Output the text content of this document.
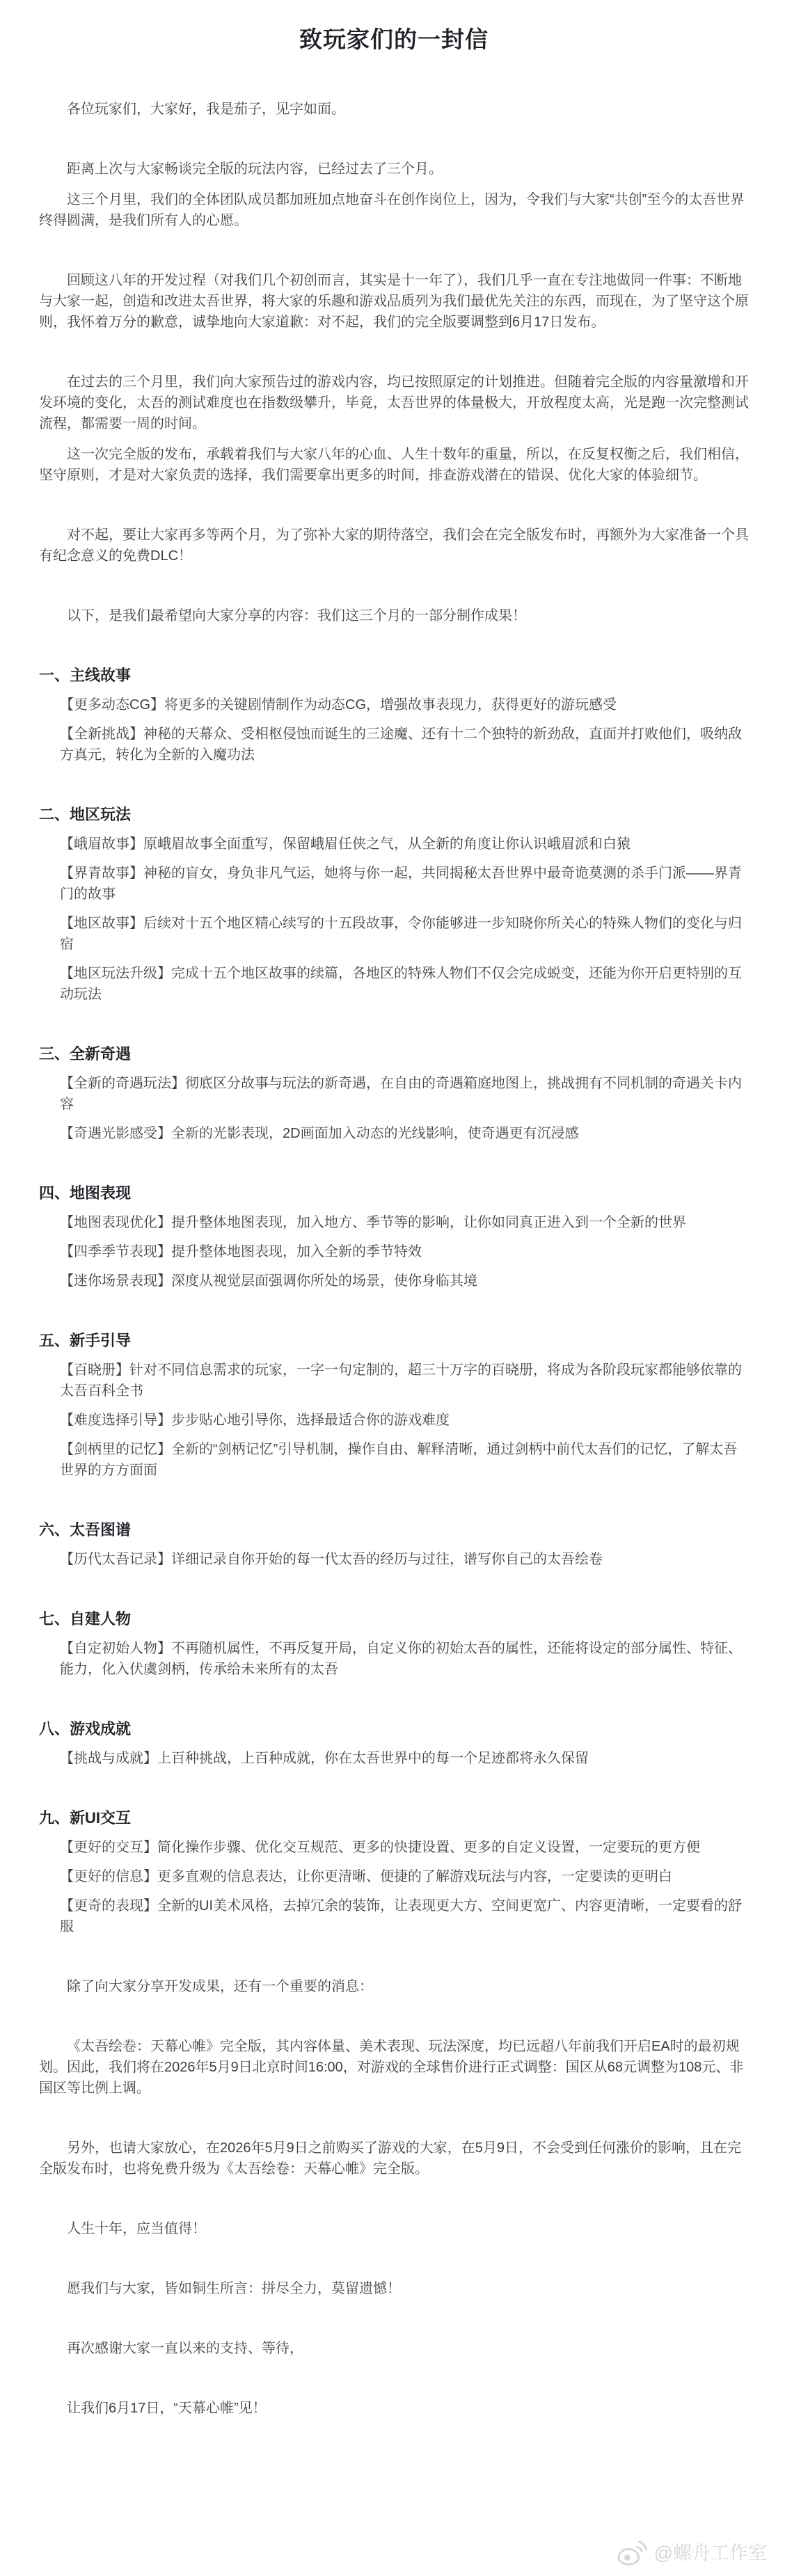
致玩家们的一封信

各位玩家们，大家好，我是茄子，见字如面。

距离上次与大家畅谈完全版的玩法内容，已经过去了三个月。

这三个月里，我们的全体团队成员都加班加点地奋斗在创作岗位上，因为，令我们与大家“共创”至今的太吾世界终得圆满，是我们所有人的心愿。

回顾这八年的开发过程（对我们几个初创而言，其实是十一年了），我们几乎一直在专注地做同一件事：不断地与大家一起，创造和改进太吾世界，将大家的乐趣和游戏品质列为我们最优先关注的东西，而现在，为了坚守这个原则，我怀着万分的歉意，诚挚地向大家道歉：对不起，我们的完全版要调整到6月17日发布。

在过去的三个月里，我们向大家预告过的游戏内容，均已按照原定的计划推进。但随着完全版的内容量激增和开发环境的变化，太吾的测试难度也在指数级攀升，毕竟，太吾世界的体量极大，开放程度太高，光是跑一次完整测试流程，都需要一周的时间。

这一次完全版的发布，承载着我们与大家八年的心血、人生十数年的重量，所以，在反复权衡之后，我们相信，坚守原则，才是对大家负责的选择，我们需要拿出更多的时间，排查游戏潜在的错误、优化大家的体验细节。

对不起，要让大家再多等两个月，为了弥补大家的期待落空，我们会在完全版发布时，再额外为大家准备一个具有纪念意义的免费DLC！

以下，是我们最希望向大家分享的内容：我们这三个月的一部分制作成果！

一、主线故事

【更多动态CG】将更多的关键剧情制作为动态CG，增强故事表现力，获得更好的游玩感受

【全新挑战】神秘的天幕众、受相枢侵蚀而诞生的三途魔、还有十二个独特的新劲敌，直面并打败他们，吸纳敌方真元，转化为全新的入魔功法

二、地区玩法

【峨眉故事】原峨眉故事全面重写，保留峨眉任侠之气，从全新的角度让你认识峨眉派和白猿

【界青故事】神秘的盲女，身负非凡气运，她将与你一起，共同揭秘太吾世界中最奇诡莫测的杀手门派——界青门的故事

【地区故事】后续对十五个地区精心续写的十五段故事，令你能够进一步知晓你所关心的特殊人物们的变化与归宿

【地区玩法升级】完成十五个地区故事的续篇，各地区的特殊人物们不仅会完成蜕变，还能为你开启更特别的互动玩法

三、全新奇遇

【全新的奇遇玩法】彻底区分故事与玩法的新奇遇，在自由的奇遇箱庭地图上，挑战拥有不同机制的奇遇关卡内容

【奇遇光影感受】全新的光影表现，2D画面加入动态的光线影响，使奇遇更有沉浸感

四、地图表现

【地图表现优化】提升整体地图表现，加入地方、季节等的影响，让你如同真正进入到一个全新的世界

【四季季节表现】提升整体地图表现，加入全新的季节特效

【迷你场景表现】深度从视觉层面强调你所处的场景，使你身临其境

五、新手引导

【百晓册】针对不同信息需求的玩家，一字一句定制的，超三十万字的百晓册，将成为各阶段玩家都能够依靠的太吾百科全书

【难度选择引导】步步贴心地引导你，选择最适合你的游戏难度

【剑柄里的记忆】全新的“剑柄记忆”引导机制，操作自由、解释清晰，通过剑柄中前代太吾们的记忆，了解太吾世界的方方面面

六、太吾图谱

【历代太吾记录】详细记录自你开始的每一代太吾的经历与过往，谱写你自己的太吾绘卷

七、自建人物

【自定初始人物】不再随机属性，不再反复开局，自定义你的初始太吾的属性，还能将设定的部分属性、特征、能力，化入伏虞剑柄，传承给未来所有的太吾

八、游戏成就

【挑战与成就】上百种挑战，上百种成就，你在太吾世界中的每一个足迹都将永久保留

九、新UI交互

【更好的交互】简化操作步骤、优化交互规范、更多的快捷设置、更多的自定义设置，一定要玩的更方便

【更好的信息】更多直观的信息表达，让你更清晰、便捷的了解游戏玩法与内容，一定要读的更明白

【更奇的表现】全新的UI美术风格，去掉冗余的装饰，让表现更大方、空间更宽广、内容更清晰，一定要看的舒服

除了向大家分享开发成果，还有一个重要的消息：

《太吾绘卷：天幕心帷》完全版，其内容体量、美术表现、玩法深度，均已远超八年前我们开启EA时的最初规划。因此，我们将在2026年5月9日北京时间16:00，对游戏的全球售价进行正式调整：国区从68元调整为108元、非国区等比例上调。

另外，也请大家放心，在2026年5月9日之前购买了游戏的大家，在5月9日，不会受到任何涨价的影响，且在完全版发布时，也将免费升级为《太吾绘卷：天幕心帷》完全版。

人生十年，应当值得！

愿我们与大家，皆如铜生所言：拼尽全力，莫留遗憾！

再次感谢大家一直以来的支持、等待，

让我们6月17日，“天幕心帷”见！

@螺舟工作室
